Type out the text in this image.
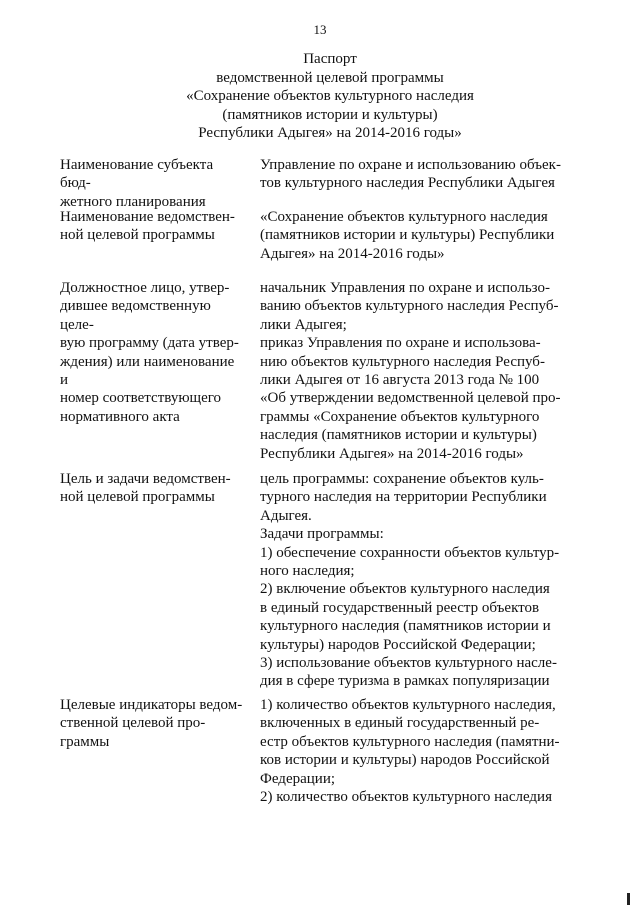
13
Паспорт
ведомственной целевой программы
«Сохранение объектов культурного наследия
(памятников истории и культуры)
Республики Адыгея» на 2014-2016 годы»
Наименование субъекта бюд-
жетного планирования
Управление по охране и использованию объек-
тов культурного наследия Республики Адыгея
Наименование ведомствен-
ной целевой программы
«Сохранение объектов культурного наследия
(памятников истории и культуры) Республики
Адыгея» на 2014-2016 годы»
Должностное лицо, утвер-
дившее ведомственную целе-
вую программу (дата утвер-
ждения) или наименование и
номер соответствующего
нормативного акта
начальник Управления по охране и использо-
ванию объектов культурного наследия Респуб-
лики Адыгея;
приказ Управления по охране и использова-
нию объектов культурного наследия Респуб-
лики Адыгея от 16 августа 2013 года № 100
«Об утверждении ведомственной целевой про-
граммы «Сохранение объектов культурного
наследия (памятников истории и культуры)
Республики Адыгея» на 2014-2016 годы»
Цель и задачи ведомствен-
ной целевой программы
цель программы: сохранение объектов куль-
турного наследия на территории Республики
Адыгея.
Задачи программы:
1) обеспечение сохранности объектов культур-
ного наследия;
2) включение объектов культурного наследия
в единый государственный реестр объектов
культурного наследия (памятников истории и
культуры) народов Российской Федерации;
3) использование объектов культурного насле-
дия в сфере туризма в рамках популяризации
Целевые индикаторы ведом-
ственной целевой про-
граммы
1) количество объектов культурного наследия,
включенных в единый государственный ре-
естр объектов культурного наследия (памятни-
ков истории и культуры) народов Российской
Федерации;
2) количество объектов культурного наследия
